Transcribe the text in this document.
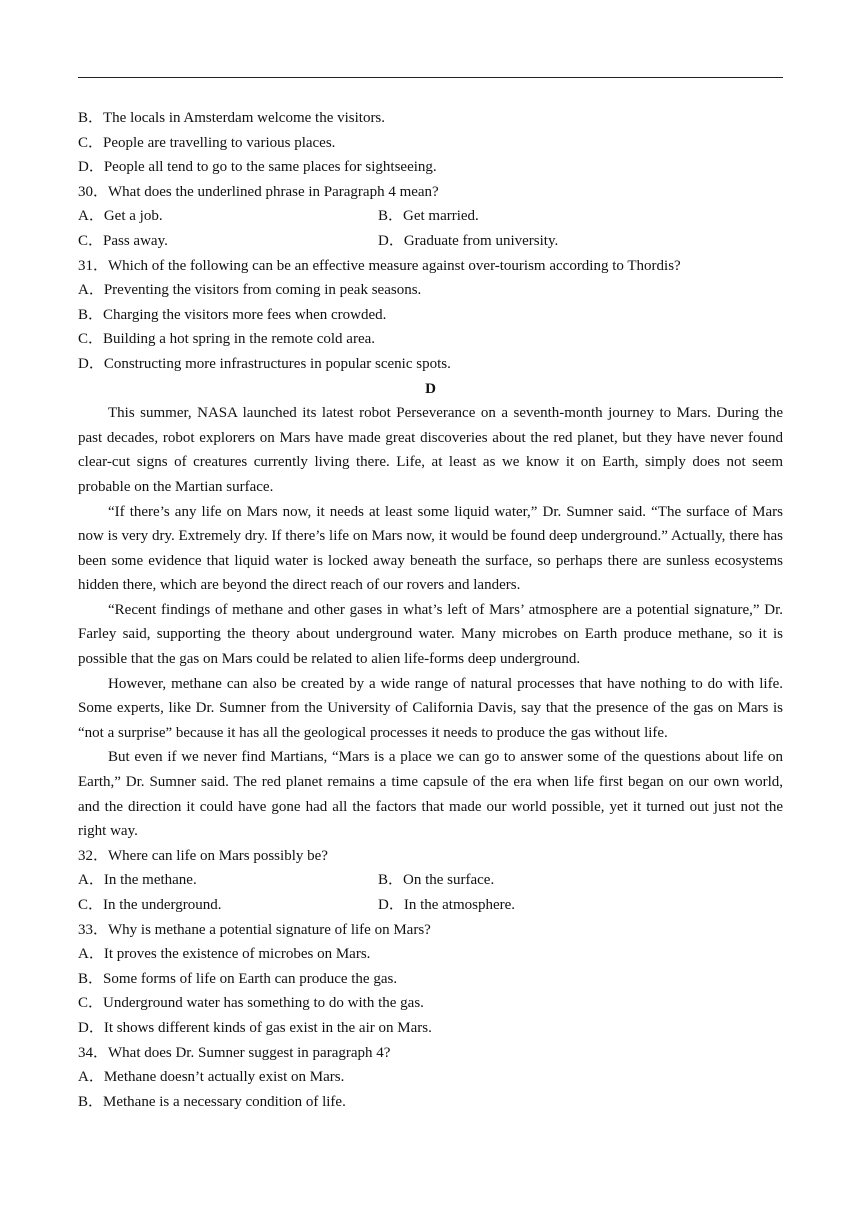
B．The locals in Amsterdam welcome the visitors.
C．People are travelling to various places.
D．People all tend to go to the same places for sightseeing.
30．What does the underlined phrase in Paragraph 4 mean?
A．Get a job.	B．Get married.
C．Pass away.	D．Graduate from university.
31．Which of the following can be an effective measure against over-tourism according to Thordis?
A．Preventing the visitors from coming in peak seasons.
B．Charging the visitors more fees when crowded.
C．Building a hot spring in the remote cold area.
D．Constructing more infrastructures in popular scenic spots.
D

This summer, NASA launched its latest robot Perseverance on a seventh-month journey to Mars. During the past decades, robot explorers on Mars have made great discoveries about the red planet, but they have never found clear-cut signs of creatures currently living there. Life, at least as we know it on Earth, simply does not seem probable on the Martian surface.

“If there’s any life on Mars now, it needs at least some liquid water,” Dr. Sumner said. “The surface of Mars now is very dry. Extremely dry. If there’s life on Mars now, it would be found deep underground.” Actually, there has been some evidence that liquid water is locked away beneath the surface, so perhaps there are sunless ecosystems hidden there, which are beyond the direct reach of our rovers and landers.

“Recent findings of methane and other gases in what’s left of Mars’ atmosphere are a potential signature,” Dr. Farley said, supporting the theory about underground water. Many microbes on Earth produce methane, so it is possible that the gas on Mars could be related to alien life-forms deep underground.

However, methane can also be created by a wide range of natural processes that have nothing to do with life. Some experts, like Dr. Sumner from the University of California Davis, say that the presence of the gas on Mars is “not a surprise” because it has all the geological processes it needs to produce the gas without life.

But even if we never find Martians, “Mars is a place we can go to answer some of the questions about life on Earth,” Dr. Sumner said. The red planet remains a time capsule of the era when life first began on our own world, and the direction it could have gone had all the factors that made our world possible, yet it turned out just not the right way.

32．Where can life on Mars possibly be?
A．In the methane.	B．On the surface.
C．In the underground.	D．In the atmosphere.
33．Why is methane a potential signature of life on Mars?
A．It proves the existence of microbes on Mars.
B．Some forms of life on Earth can produce the gas.
C．Underground water has something to do with the gas.
D．It shows different kinds of gas exist in the air on Mars.
34．What does Dr. Sumner suggest in paragraph 4?
A．Methane doesn’t actually exist on Mars.
B．Methane is a necessary condition of life.
